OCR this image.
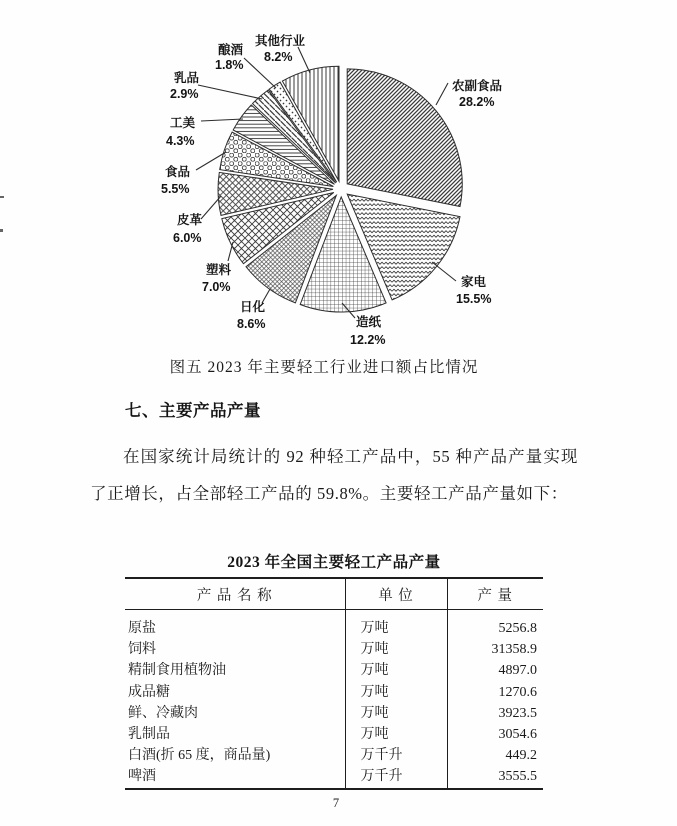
农副食品
28.2%
家电
15.5%
造纸
12.2%
日化
8.6%
塑料
7.0%
皮革
6.0%
食品
5.5%
工美
4.3%
乳品
2.9%
酿酒
1.8%
其他行业
8.2%
图五 2023 年主要轻工行业进口额占比情况
七、主要产品产量
在国家统计局统计的 92 种轻工产品中，55 种产品产量实现了正增长，占全部轻工产品的 59.8%。主要轻工产品产量如下：
2023 年全国主要轻工产品产量
产 品 名 称	单 位	产 量
原盐	万吨	5256.8
饲料	万吨	31358.9
精制食用植物油	万吨	4897.0
成品糖	万吨	1270.6
鲜、冷藏肉	万吨	3923.5
乳制品	万吨	3054.6
白酒(折 65 度，商品量)	万千升	449.2
啤酒	万千升	3555.5
7
